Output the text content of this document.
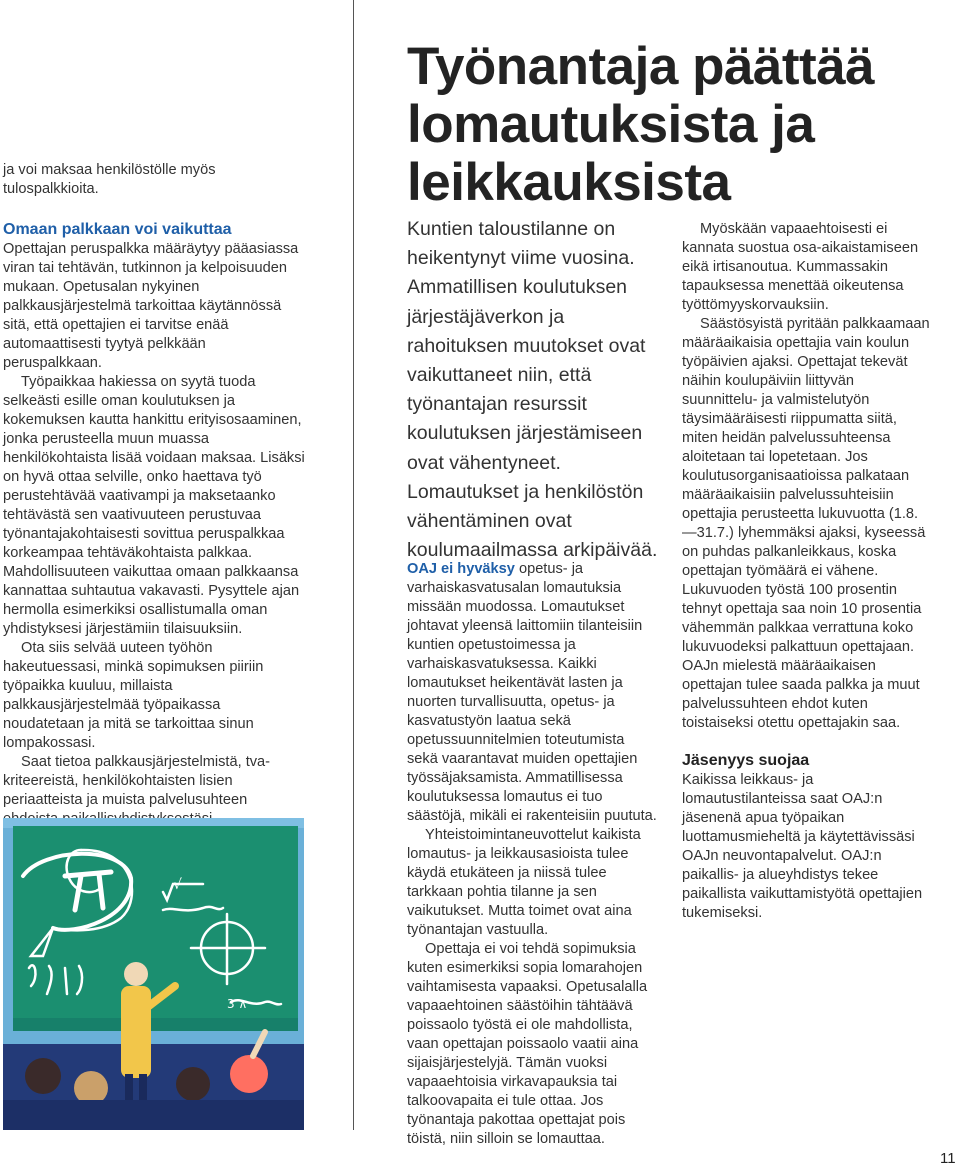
Työnantaja päättää
lomautuksista ja
leikkauksista

ja voi maksaa henkilöstölle myös tulospalkkioita.

Omaan palkkaan voi vaikuttaa

Opettajan peruspalkka määräytyy pääasiassa viran tai tehtävän, tutkinnon ja kelpoisuuden mukaan. Opetusalan nykyinen palkkausjärjestelmä tarkoittaa käytännössä sitä, että opettajien ei tarvitse enää automaattisesti tyytyä pelkkään peruspalkkaan.

Työpaikkaa hakiessa on syytä tuoda selkeästi esille oman koulutuksen ja kokemuksen kautta hankittu erityisosaaminen, jonka perusteella muun muassa henkilökohtaista lisää voidaan maksaa. Lisäksi on hyvä ottaa selville, onko haettava työ perustehtävää vaativampi ja maksetaanko tehtävästä sen vaativuuteen perustuvaa työnantajakohtaisesti sovittua peruspalkkaa korkeampaa tehtäväkohtaista palkkaa.

Mahdollisuuteen vaikuttaa omaan palkkaansa kannattaa suhtautua vakavasti. Pysyttele ajan hermolla esimerkiksi osallistumalla oman yhdistyksesi järjestämiin tilaisuuksiin.

Ota siis selvää uuteen työhön hakeutuessasi, minkä sopimuksen piiriin työpaikka kuuluu, millaista palkkausjärjestelmää työpaikassa noudatetaan ja mitä se tarkoittaa sinun lompakossasi.

Saat tietoa palkkausjärjestelmistä, tva-kriteereistä, henkilökohtaisten lisien periaatteista ja muista palvelusuhteen

√
3 ∧
Kuntien taloustilanne on heikentynyt viime vuosina. Ammatillisen koulutuksen järjestäjäverkon ja rahoituksen muutokset ovat vaikuttaneet niin, että työnantajan resurssit koulutuksen järjestämiseen ovat vähentyneet. Lomautukset ja henkilöstön vähentäminen ovat koulumaailmassa arkipäivää.

OAJ ei hyväksy opetus- ja varhaiskasvatusalan lomautuksia missään muodossa. Lomautukset johtavat yleensä laittomiin tilanteisiin kuntien opetustoimessa ja varhaiskasvatuksessa. Kaikki lomautukset heikentävät lasten ja nuorten turvallisuutta, opetus- ja kasvatustyön laatua sekä opetussuunnitelmien toteutumista sekä vaarantavat muiden opettajien työssäjaksamista. Ammatillisessa koulutuksessa lomautus ei tuo säästöjä, mikäli ei rakenteisiin puututa.

Yhteistoimintaneuvottelut kaikista lomautus- ja leikkausasioista tulee käydä etukäteen ja niissä tulee tarkkaan pohtia tilanne ja sen vaikutukset. Mutta toimet ovat aina työnantajan vastuulla.

Opettaja ei voi tehdä sopimuksia kuten esimerkiksi sopia lomarahojen vaihtamisesta vapaaksi. Opetusalalla vapaaehtoinen säästöihin tähtäävä poissaolo työstä ei ole mahdollista, vaan opettajan poissaolo vaatii aina sijaisjärjestelyjä. Tämän vuoksi vapaaehtoisia virkavapauksia tai talkoovapaita ei tule ottaa. Jos työnantaja pakottaa opettajat pois töistä, niin silloin se lomauttaa.

Myöskään vapaaehtoisesti ei kannata suostua osa-aikaistamiseen eikä irtisanoutua. Kummassakin tapauksessa menettää oikeutensa työttömyyskorvauksiin.

Säästösyistä pyritään palkkaamaan määräaikaisia opettajia vain koulun työpäivien ajaksi. Opettajat tekevät näihin koulupäiviin liittyvän suunnittelu- ja valmistelutyön täysimääräisesti riippumatta siitä, miten heidän palvelussuhteensa aloitetaan tai lopetetaan. Jos koulutusorganisaatioissa palkataan määräaikaisiin palvelussuhteisiin opettajia perusteetta lukuvuotta (1.8.—31.7.) lyhemmäksi ajaksi, kyseessä on puhdas palkanleikkaus, koska opettajan työmäärä ei vähene. Lukuvuoden työstä 100 prosentin tehnyt opettaja saa noin 10 prosentia vähemmän palkkaa verrattuna koko lukuvuodeksi palkattuun opettajaan. OAJn mielestä määräaikaisen opettajan tulee saada palkka ja muut palvelussuhteen ehdot kuten toistaiseksi otettu opettajakin saa.

Jäsenyys suojaa

Kaikissa leikkaus- ja lomautustilanteissa saat OAJ:n jäsenenä apua työpaikan luottamusmieheltä ja käytettävissäsi OAJn neuvontapalvelut. OAJ:n paikallis- ja alueyhdistys tekee paikallista vaikuttamistyötä opettajien tukemiseksi.

11
